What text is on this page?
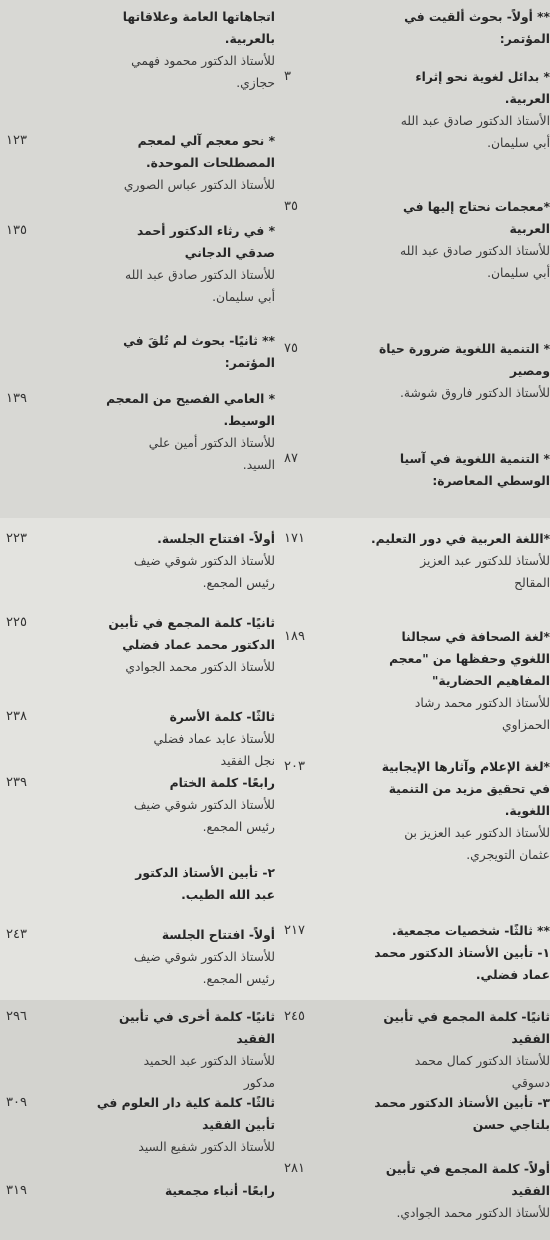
** أولاً- بحوث ألقيت في
المؤتمر:
* بدائل لغوية نحو إثراء
العربية.
الأستاذ الدكتور صادق عبد الله
أبي سليمان.
٣
*معجمات نحتاج إليها في
العربية
للأستاذ الدكتور صادق عبد الله
أبي سليمان.
٣٥
* التنمية اللغوية ضرورة حياة
ومصير
للأستاذ الدكتور فاروق شوشة.
٧٥
* التنمية اللغوية في آسيا
الوسطي المعاصرة:
٨٧
اتجاهاتها العامة وعلاقاتها
بالعربية.
للأستاذ الدكتور محمود فهمي
حجازي.
* نحو معجم آلي لمعجم
المصطلحات الموحدة.
للأستاذ الدكتور عباس الصوري
١٢٣
* في رثاء الدكتور أحمد
صدقي الدجاني
للأستاذ الدكتور صادق عبد الله
أبي سليمان.
١٣٥
** ثانيًا- بحوث لم تُلقَ في
المؤتمر:
* العامي الفصيح من المعجم
الوسيط.
للأستاذ الدكتور أمين علي
السيد.
١٣٩
*اللغة العربية في دور التعليم.
للأستاذ للدكتور عبد العزيز
المقالح
١٧١
*لغة الصحافة في سجالنا
اللغوي وحفظها من "معجم
المفاهيم الحضارية"
للأستاذ الدكتور محمد رشاد
الحمزاوي
١٨٩
*لغة الإعلام وآثارها الإيجابية
في تحقيق مزيد من التنمية
اللغوية.
للأستاذ الدكتور عبد العزيز بن
عثمان التويجري.
٢٠٣
** ثالثًا- شخصيات مجمعية.
١- تأبين الأستاذ الدكتور محمد
عماد فضلي.
٢١٧
أولاً- افتتاح الجلسة.
للأستاذ الدكتور شوقي ضيف
رئيس المجمع.
٢٢٣
ثانيًا- كلمة المجمع في تأبين
الدكتور محمد عماد فضلي
للأستاذ الدكتور محمد الجوادي
٢٢٥
ثالثًا- كلمة الأسرة
للأستاذ عابد عماد فضلي
نجل الفقيد
٢٣٨
رابعًا- كلمة الختام
للأستاذ الدكتور شوقي ضيف
رئيس المجمع.
٢٣٩
٢- تأبين الأستاذ الدكتور
عبد الله الطيب.
أولاً- افتتاح الجلسة
للأستاذ الدكتور شوقي ضيف
رئيس المجمع.
٢٤٣
ثانيًا- كلمة المجمع في تأبين
الفقيد
للأستاذ الدكتور كمال محمد
دسوقي
٢٤٥
٣- تأبين الأستاذ الدكتور محمد
بلتاجي حسن
أولاً- كلمة المجمع في تأبين
الفقيد
للأستاذ الدكتور محمد الجوادي.
٢٨١
ثانيًا- كلمة أخرى في تأبين
الفقيد
للأستاذ الدكتور عبد الحميد
مدكور
٢٩٦
ثالثًا- كلمة كلية دار العلوم في
تأبين الفقيد
للأستاذ الدكتور شفيع السيد
٣٠٩
رابعًا- أنباء مجمعية
٣١٩
